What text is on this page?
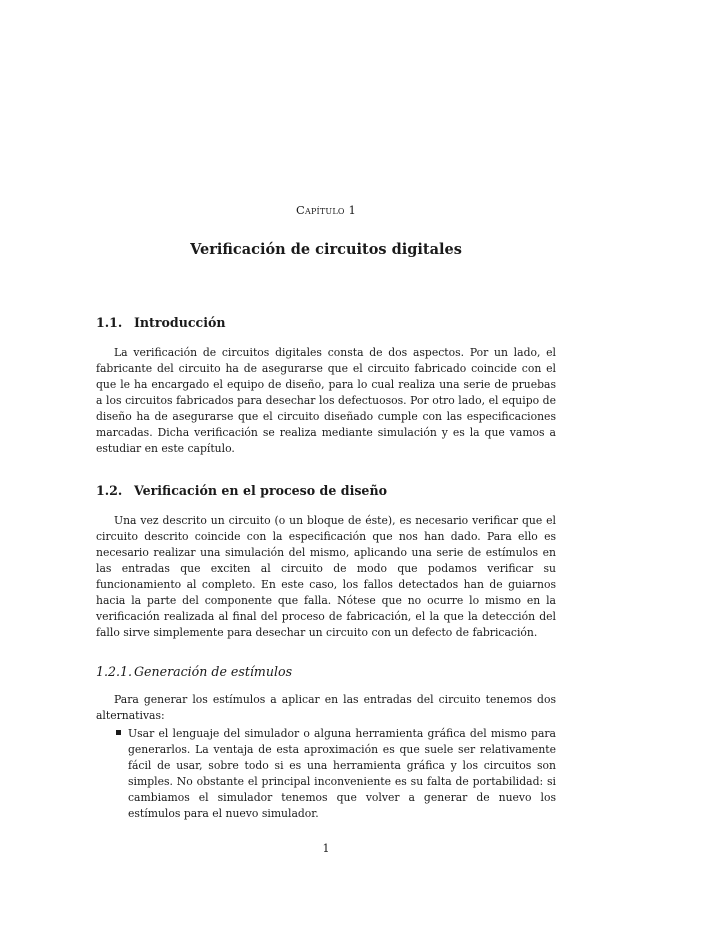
Capítulo 1
Verificación de circuitos digitales
1.1. Introducción

La verificación de circuitos digitales consta de dos aspectos. Por un lado, el fabricante del circuito ha de asegurarse que el circuito fabricado coincide con el que le ha encargado el equipo de diseño, para lo cual realiza una serie de pruebas a los circuitos fabricados para desechar los defectuosos. Por otro lado, el equipo de diseño ha de asegurarse que el circuito diseñado cumple con las especificaciones marcadas. Dicha verificación se realiza mediante simulación y es la que vamos a estudiar en este capítulo.

1.2. Verificación en el proceso de diseño

Una vez descrito un circuito (o un bloque de éste), es necesario verificar que el circuito descrito coincide con la especificación que nos han dado. Para ello es necesario realizar una simulación del mismo, aplicando una serie de estímulos en las entradas que exciten al circuito de modo que podamos verificar su funcionamiento al completo. En este caso, los fallos detectados han de guiarnos hacia la parte del componente que falla. Nótese que no ocurre lo mismo en la verificación realizada al final del proceso de fabricación, el la que la detección del fallo sirve simplemente para desechar un circuito con un defecto de fabricación.

1.2.1. Generación de estímulos

Para generar los estímulos a aplicar en las entradas del circuito tenemos dos alternativas:

Usar el lenguaje del simulador o alguna herramienta gráfica del mismo para generarlos. La ventaja de esta aproximación es que suele ser relativamente fácil de usar, sobre todo si es una herramienta gráfica y los circuitos son simples. No obstante el principal inconveniente es su falta de portabilidad: si cambiamos el simulador tenemos que volver a generar de nuevo los estímulos para el nuevo simulador.
1
